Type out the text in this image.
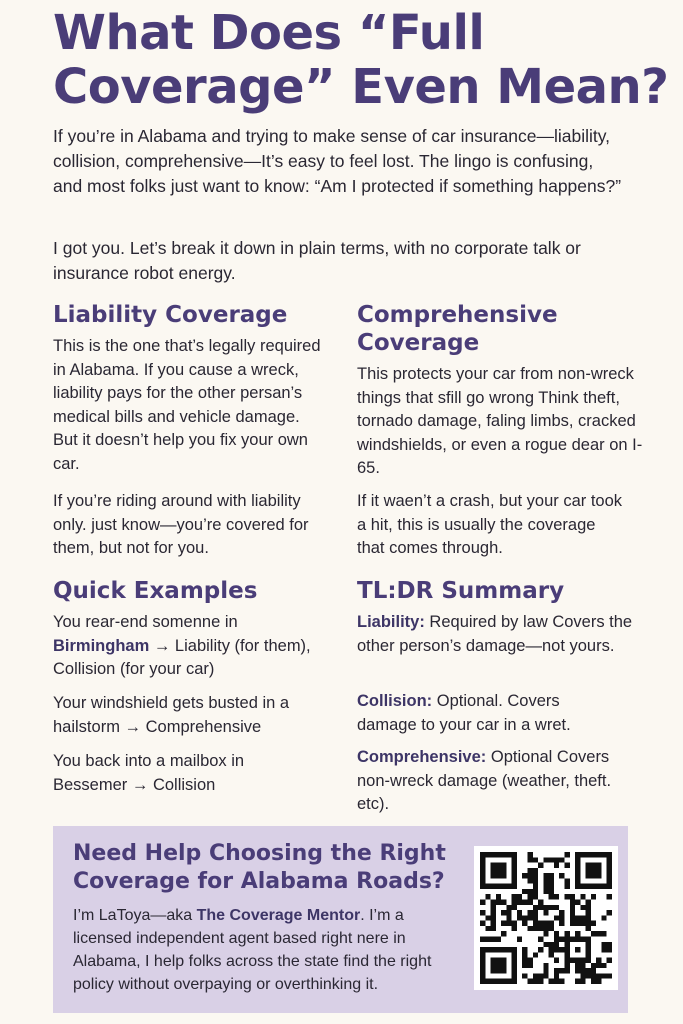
What Does “Full Coverage” Even Mean?

If you’re in Alabama and trying to make sense of car insurance—liability, collision, comprehensive—It’s easy to feel lost. The lingo is confusing, and most folks just want to know: “Am I protected if something happens?”

I got you. Let’s break it down in plain terms, with no corporate talk or insurance robot energy.

Liability Coverage

This is the one that’s legally required in Alabama. If you cause a wreck, liability pays for the other persan’s medical bills and vehicle damage. But it doesn’t help you fix your own car.

If you’re riding around with liability only. just know—you’re covered for them, but not for you.

Comprehensive Coverage

This protects your car from non-wreck things that sfill go wrong Think theft, tornado damage, faling limbs, cracked windshields, or even a rogue dear on I-65.

If it waen’t a crash, but your car took a hit, this is usually the coverage that comes through.

Quick Examples

You rear-end somenne in Birmingham → Liability (for them), Collision (for your car)

Your windshield gets busted in a hailstorm → Comprehensive

You back into a mailbox in Bessemer → Collision

TL:DR Summary

Liability: Required by law Covers the other person’s damage—not yours.

Collision: Optional. Covers damage to your car in a wret.

Comprehensive: Optional Covers non-wreck damage (weather, theft. etc).

Need Help Choosing the Right Coverage for Alabama Roads?

I’m LaToya—aka The Coverage Mentor. I’m a licensed independent agent based right nere in Alabama, I help folks across the state find the right policy without overpaying or overthinking it.
